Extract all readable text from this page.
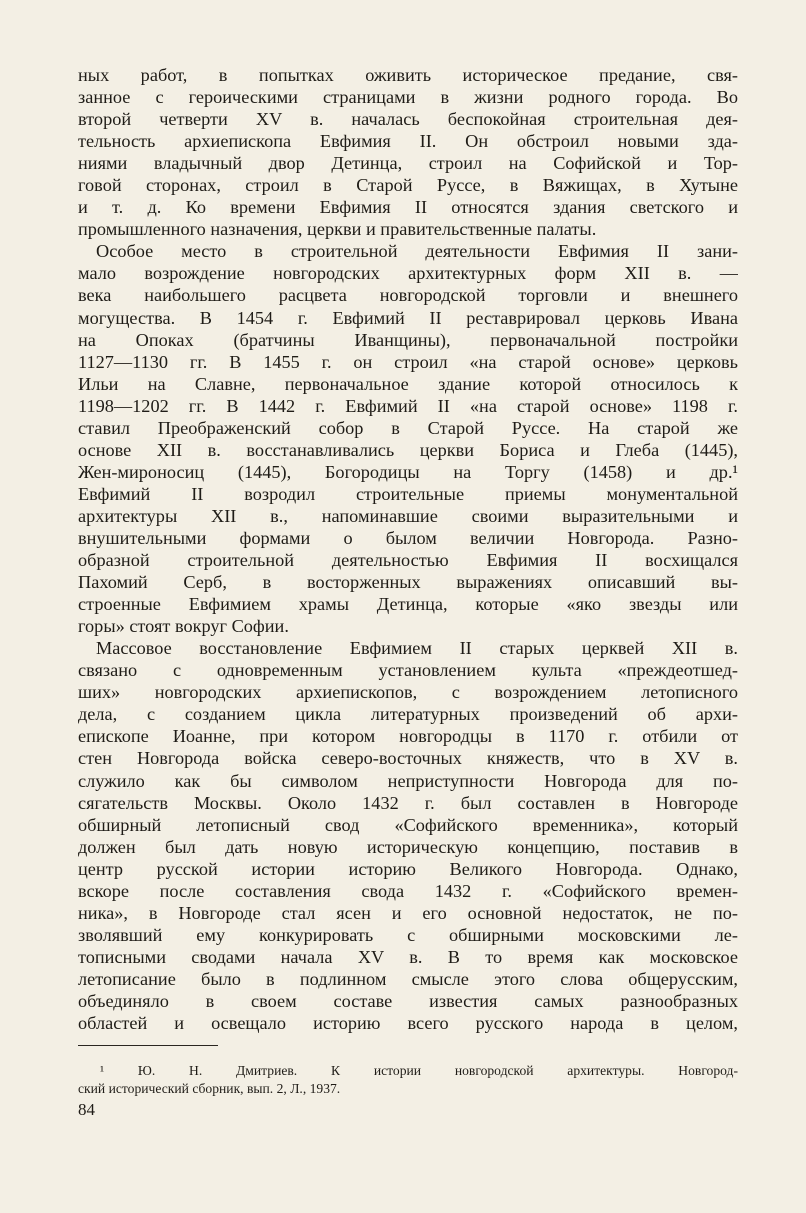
ных работ, в попытках оживить историческое предание, свя-
занное с героическими страницами в жизни родного города. Во
второй четверти XV в. началась беспокойная строительная дея-
тельность архиепископа Евфимия II. Он обстроил новыми зда-
ниями владычный двор Детинца, строил на Софийской и Тор-
говой сторонах, строил в Старой Руссе, в Вяжищах, в Хутыне
и т. д. Ко времени Евфимия II относятся здания светского и
промышленного назначения, церкви и правительственные палаты.
Особое место в строительной деятельности Евфимия II зани-
мало возрождение новгородских архитектурных форм XII в. —
века наибольшего расцвета новгородской торговли и внешнего
могущества. В 1454 г. Евфимий II реставрировал церковь Ивана
на Опоках (братчины Иванщины), первоначальной постройки
1127—1130 гг. В 1455 г. он строил «на старой основе» церковь
Ильи на Славне, первоначальное здание которой относилось к
1198—1202 гг. В 1442 г. Евфимий II «на старой основе» 1198 г.
ставил Преображенский собор в Старой Руссе. На старой же
основе XII в. восстанавливались церкви Бориса и Глеба (1445),
Жен-мироносиц (1445), Богородицы на Торгу (1458) и др.¹
Евфимий II возродил строительные приемы монументальной
архитектуры XII в., напоминавшие своими выразительными и
внушительными формами о былом величии Новгорода. Разно-
образной строительной деятельностью Евфимия II восхищался
Пахомий Серб, в восторженных выражениях описавший вы-
строенные Евфимием храмы Детинца, которые «яко звезды или
горы» стоят вокруг Софии.
Массовое восстановление Евфимием II старых церквей XII в.
связано с одновременным установлением культа «преждеотшед-
ших» новгородских архиепископов, с возрождением летописного
дела, с созданием цикла литературных произведений об архи-
епископе Иоанне, при котором новгородцы в 1170 г. отбили от
стен Новгорода войска северо-восточных княжеств, что в XV в.
служило как бы символом неприступности Новгорода для по-
сягательств Москвы. Около 1432 г. был составлен в Новгороде
обширный летописный свод «Софийского временника», который
должен был дать новую историческую концепцию, поставив в
центр русской истории историю Великого Новгорода. Однако,
вскоре после составления свода 1432 г. «Софийского времен-
ника», в Новгороде стал ясен и его основной недостаток, не по-
зволявший ему конкурировать с обширными московскими ле-
тописными сводами начала XV в. В то время как московское
летописание было в подлинном смысле этого слова общерусским,
объединяло в своем составе известия самых разнообразных
областей и освещало историю всего русского народа в целом,
¹ Ю. Н. Дмитриев. К истории новгородской архитектуры. Новгород-
ский исторический сборник, вып. 2, Л., 1937.
84
